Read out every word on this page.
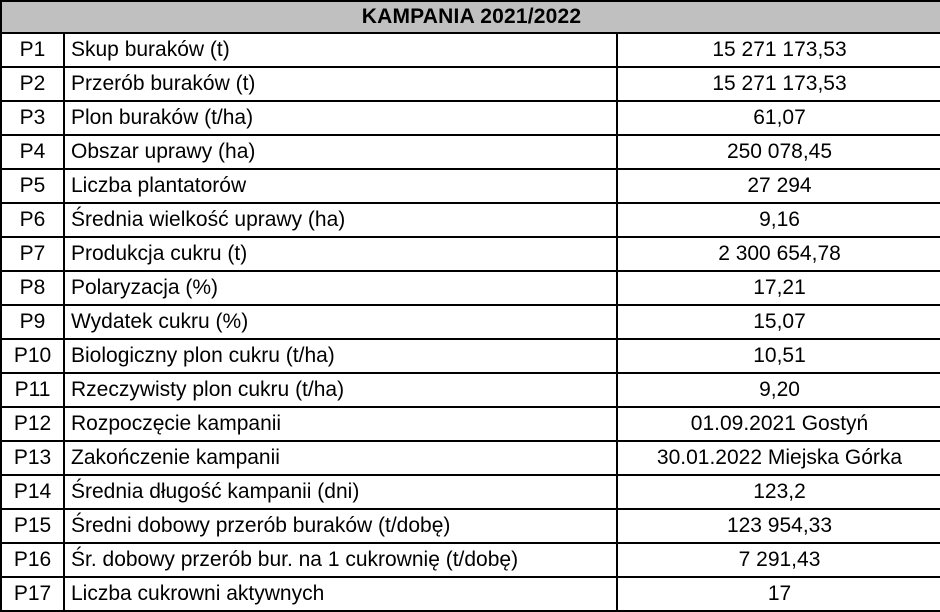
KAMPANIA 2021/2022		
P1	Skup buraków (t)	15 271 173,53
P2	Przerób buraków (t)	15 271 173,53
P3	Plon buraków (t/ha)	61,07
P4	Obszar uprawy (ha)	250 078,45
P5	Liczba plantatorów	27 294
P6	Średnia wielkość uprawy (ha)	9,16
P7	Produkcja cukru (t)	2 300 654,78
P8	Polaryzacja (%)	17,21
P9	Wydatek cukru (%)	15,07
P10	Biologiczny plon cukru (t/ha)	10,51
P11	Rzeczywisty plon cukru (t/ha)	9,20
P12	Rozpoczęcie kampanii	01.09.2021 Gostyń
P13	Zakończenie kampanii	30.01.2022 Miejska Górka
P14	Średnia długość kampanii (dni)	123,2
P15	Średni dobowy przerób buraków (t/dobę)	123 954,33
P16	Śr. dobowy przerób bur. na 1 cukrownię (t/dobę)	7 291,43
P17	Liczba cukrowni aktywnych	17
